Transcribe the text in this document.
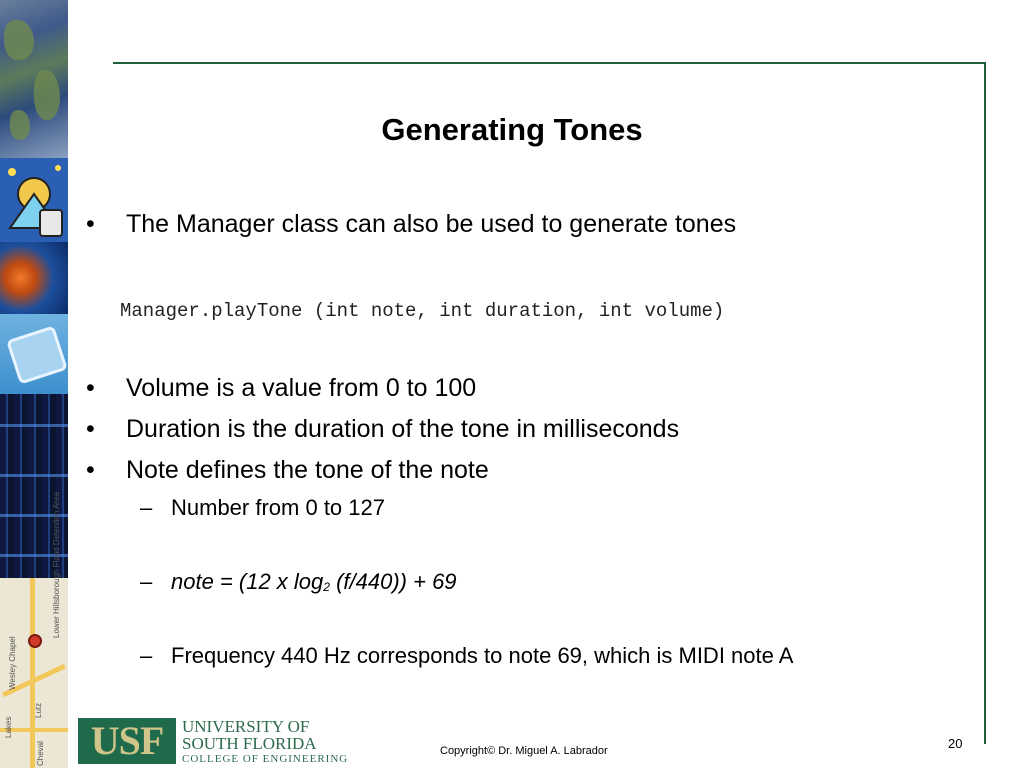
Wesley Chapel
Lutz
Lakes
Cheval
Lower Hillsborough Flood Detention Area
Generating Tones
• The Manager class can also be used to generate tones
Manager.playTone (int note, int duration, int volume)
• Volume is a value from 0 to 100
• Duration is the duration of the tone in milliseconds
• Note defines the tone of the note
– Number from 0 to 127
– note = (12 x $\log_2 (f/440)) + 69$
– Frequency 440 Hz corresponds to note 69, which is MIDI note A
USF	UNIVERSITY OF
SOUTH FLORIDA
COLLEGE OF ENGINEERING
Copyright© Dr. Miguel A. Labrador	20
